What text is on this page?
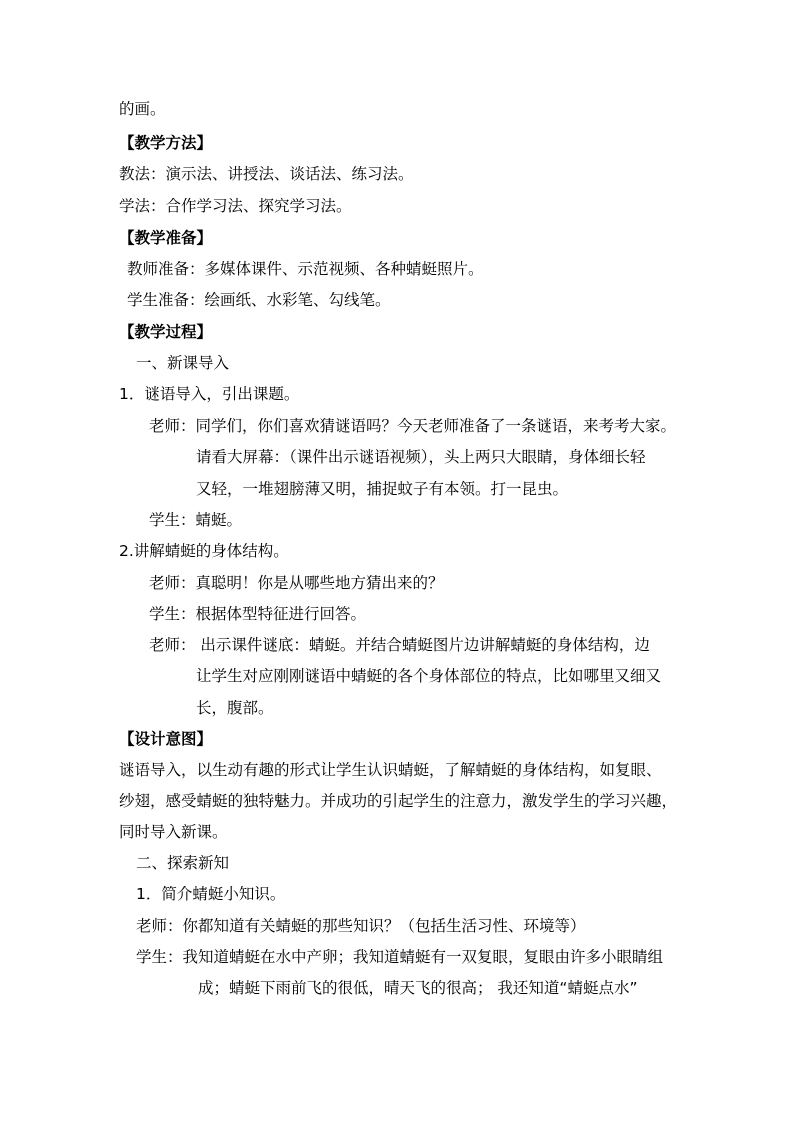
的画。
【教学方法】
教法：演示法、讲授法、谈话法、练习法。
学法：合作学习法、探究学习法。
【教学准备】
教师准备：多媒体课件、示范视频、各种蜻蜓照片。
学生准备：绘画纸、水彩笔、勾线笔。
【教学过程】
一、新课导入
1．谜语导入，引出课题。
老师：同学们，你们喜欢猜谜语吗？今天老师准备了一条谜语，来考考大家。
请看大屏幕：（课件出示谜语视频），头上两只大眼睛，身体细长轻
又轻，一堆翅膀薄又明，捕捉蚊子有本领。打一昆虫。
学生：蜻蜓。
2.讲解蜻蜓的身体结构。
老师：真聪明！你是从哪些地方猜出来的？
学生：根据体型特征进行回答。
老师： 出示课件谜底：蜻蜓。并结合蜻蜓图片边讲解蜻蜓的身体结构，边
让学生对应刚刚谜语中蜻蜓的各个身体部位的特点，比如哪里又细又
长，腹部。
【设计意图】
谜语导入，以生动有趣的形式让学生认识蜻蜓，了解蜻蜓的身体结构，如复眼、
纱翅，感受蜻蜓的独特魅力。并成功的引起学生的注意力，激发学生的学习兴趣，
同时导入新课。
二、探索新知
1．简介蜻蜓小知识。
老师：你都知道有关蜻蜓的那些知识？（包括生活习性、环境等）
学生：我知道蜻蜓在水中产卵；我知道蜻蜓有一双复眼，复眼由许多小眼睛组
成；蜻蜓下雨前飞的很低，晴天飞的很高； 我还知道“蜻蜓点水”
